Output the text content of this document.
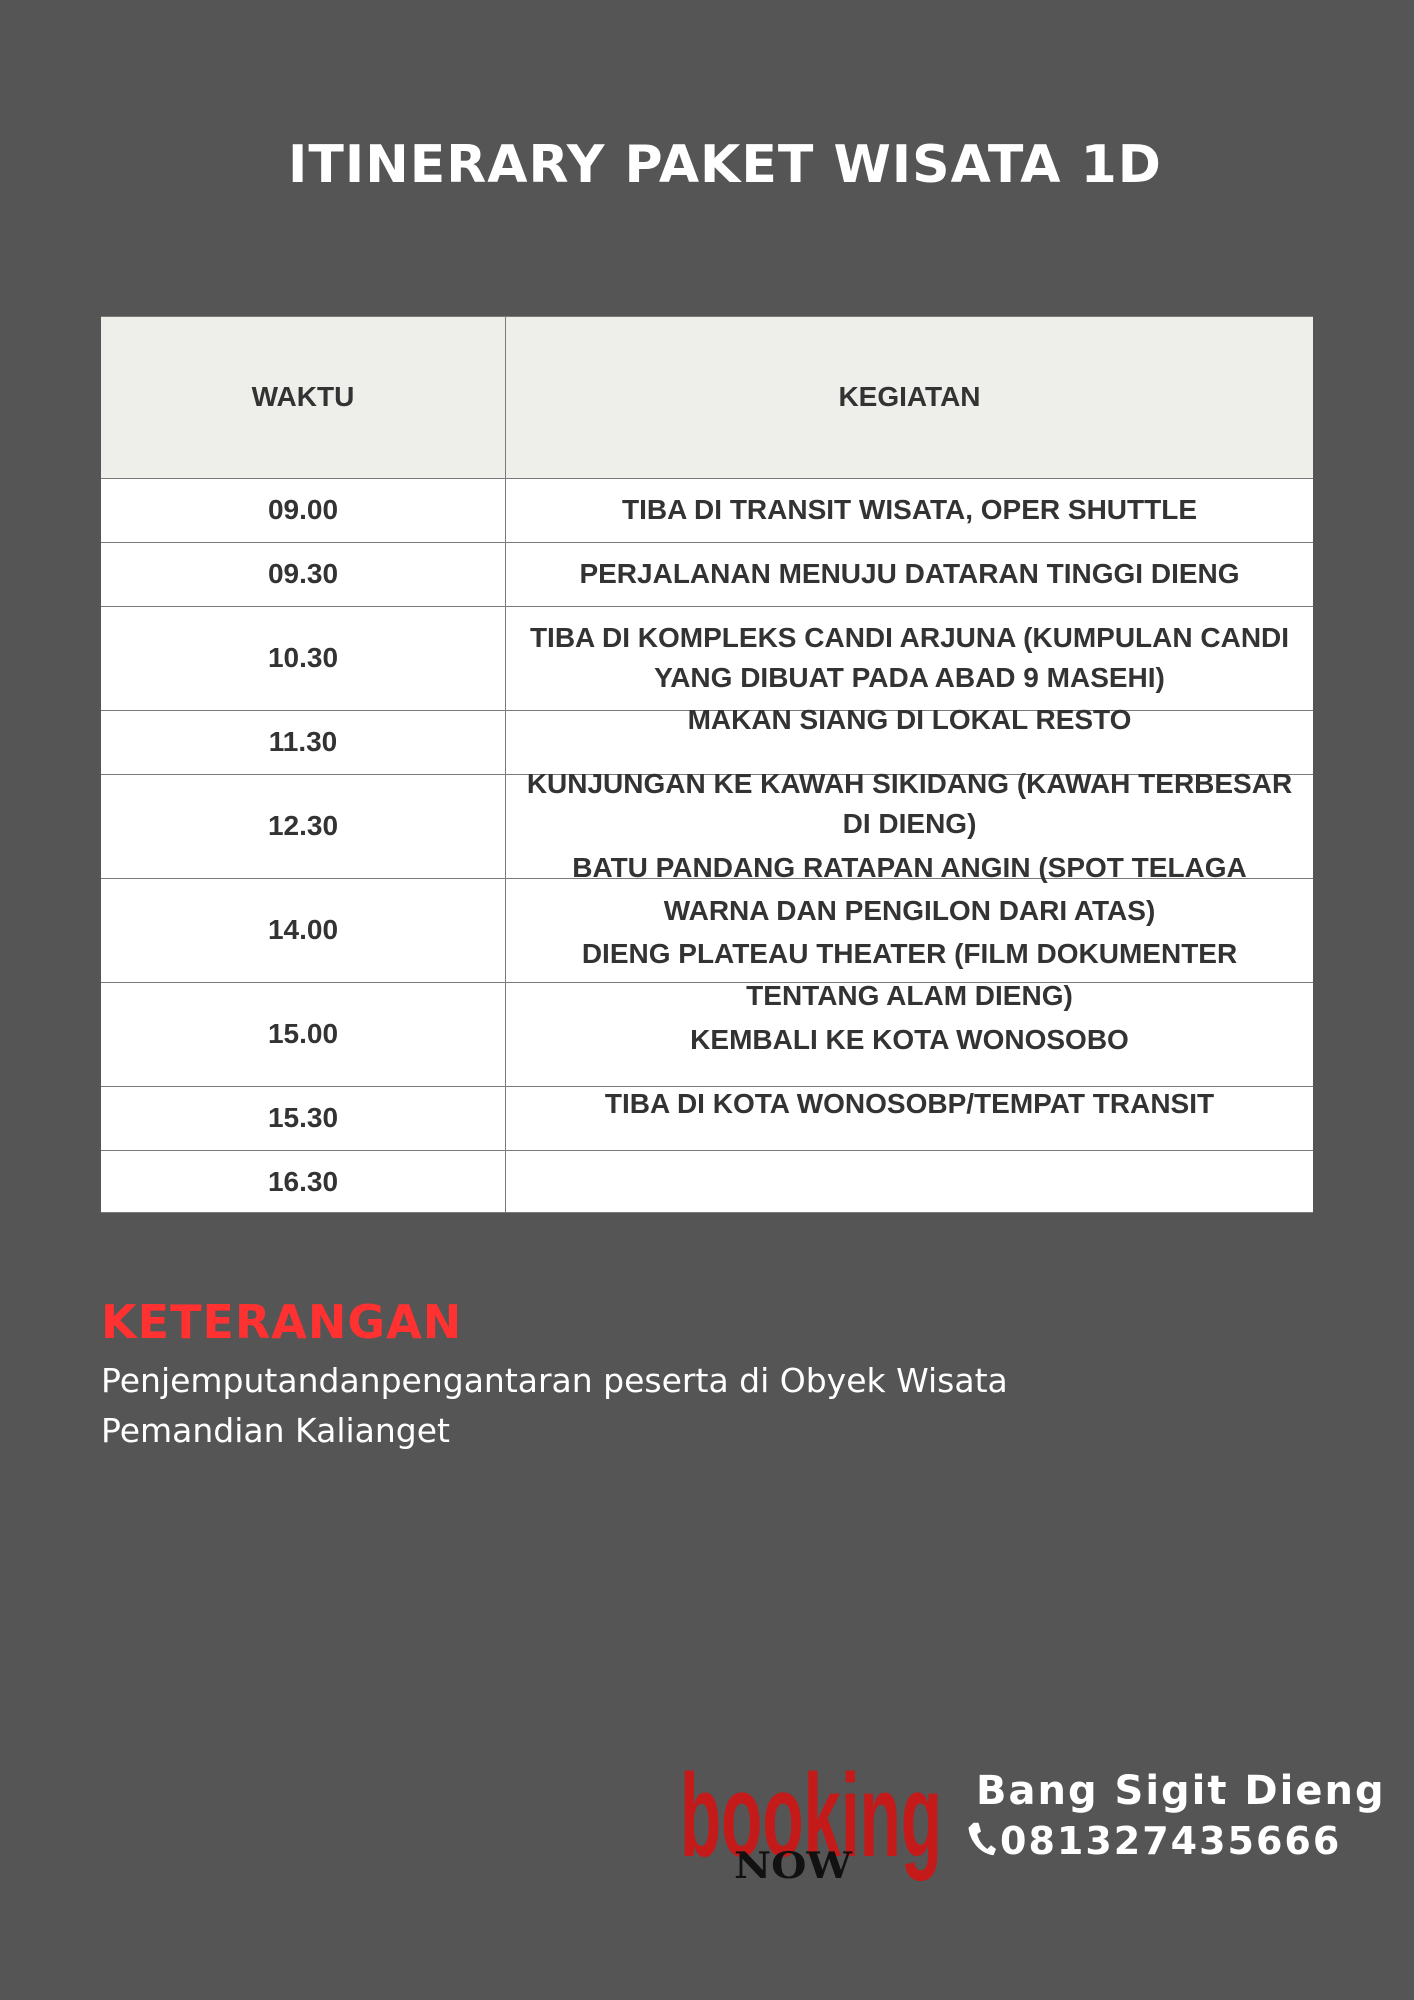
ITINERARY PAKET WISATA 1D
WAKTU	KEGIATAN
09.00
09.30
10.30
11.30
12.30
14.00
15.00
15.30
16.30
TIBA DI TRANSIT WISATA, OPER SHUTTLE
PERJALANAN MENUJU DATARAN TINGGI DIENG
TIBA DI KOMPLEKS CANDI ARJUNA (KUMPULAN CANDI
YANG DIBUAT PADA ABAD 9 MASEHI)
MAKAN SIANG DI LOKAL RESTO
KUNJUNGAN KE KAWAH SIKIDANG (KAWAH TERBESAR
DI DIENG)
BATU PANDANG RATAPAN ANGIN (SPOT TELAGA
WARNA DAN PENGILON DARI ATAS)
DIENG PLATEAU THEATER (FILM DOKUMENTER
TENTANG ALAM DIENG)
KEMBALI KE KOTA WONOSOBO
TIBA DI KOTA WONOSOBP/TEMPAT TRANSIT
KETERANGAN
Penjemputandanpengantaran peserta di Obyek Wisata
Pemandian Kalianget
booking
NOW
Bang Sigit Dieng
081327435666
